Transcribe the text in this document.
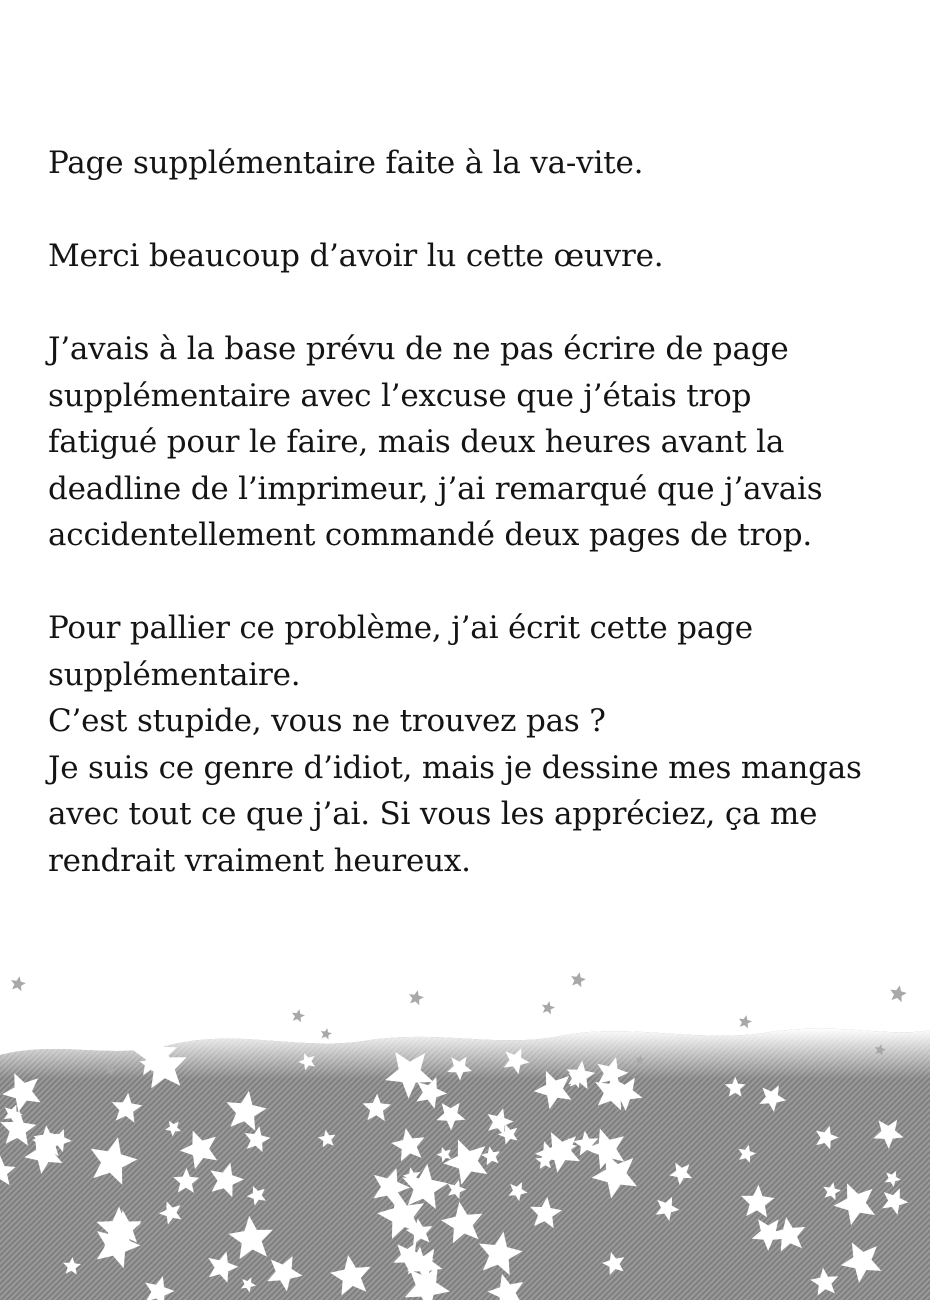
Page supplémentaire faite à la va-vite.

Merci beaucoup d’avoir lu cette œuvre.

J’avais à la base prévu de ne pas écrire de page
supplémentaire avec l’excuse que j’étais trop
fatigué pour le faire, mais deux heures avant la
deadline de l’imprimeur, j’ai remarqué que j’avais
accidentellement commandé deux pages de trop.

Pour pallier ce problème, j’ai écrit cette page
supplémentaire.
C’est stupide, vous ne trouvez pas ?
Je suis ce genre d’idiot, mais je dessine mes mangas
avec tout ce que j’ai. Si vous les appréciez, ça me
rendrait vraiment heureux.
